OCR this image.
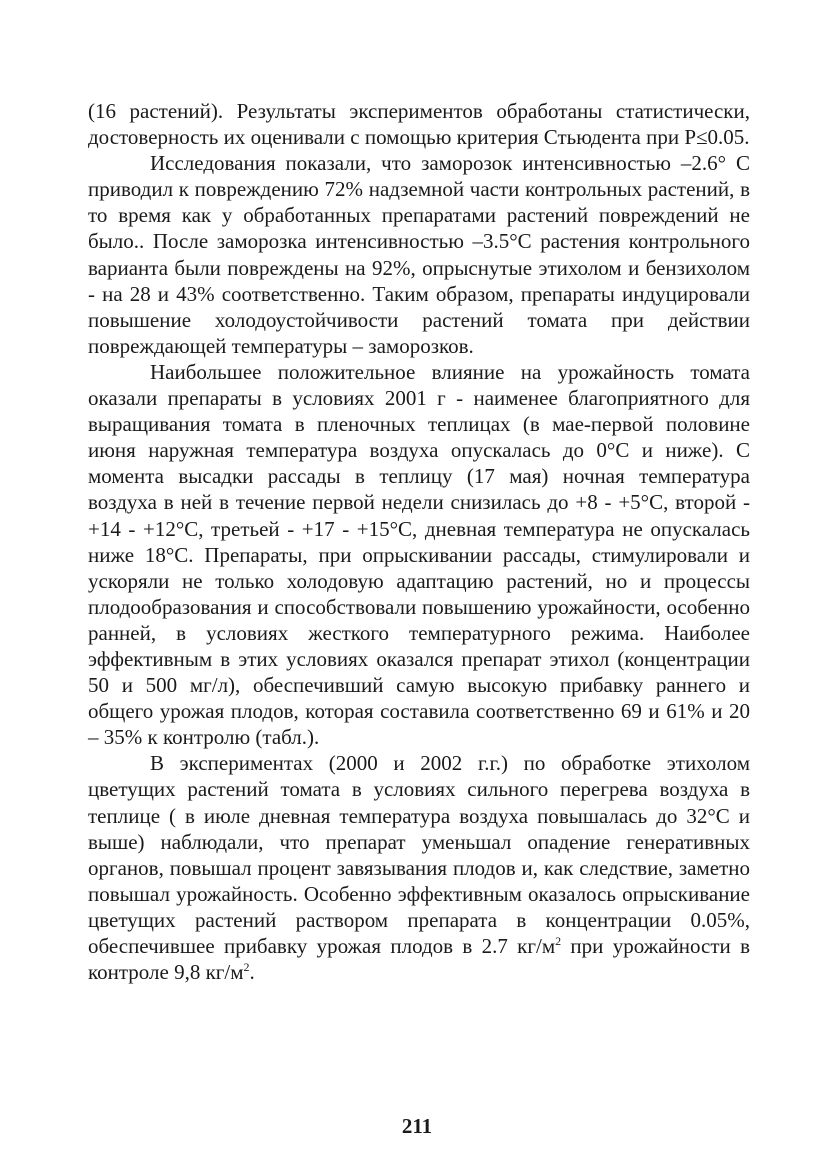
(16 растений). Результаты экспериментов обработаны статистически, достоверность их оценивали с помощью критерия Стьюдента при Р≤0.05.

Исследования показали, что заморозок интенсивностью –2.6° С приводил к повреждению 72% надземной части контрольных растений, в то время как у обработанных препаратами растений повреждений не было.. После заморозка интенсивностью –3.5°С растения контрольного варианта были повреждены на 92%, опрыснутые этихолом и бензихолом - на 28 и 43% соответственно. Таким образом, препараты индуцировали повышение холодоустойчивости растений томата при действии повреждающей температуры – заморозков.

Наибольшее положительное влияние на урожайность томата оказали препараты в условиях 2001 г - наименее благоприятного для выращивания томата в пленочных теплицах (в мае-первой половине июня наружная температура воздуха опускалась до 0°С и ниже). С момента высадки рассады в теплицу (17 мая) ночная температура воздуха в ней в течение первой недели снизилась до +8 - +5°С, второй - +14 - +12°С, третьей - +17 - +15°С, дневная температура не опускалась ниже 18°С. Препараты, при опрыскивании рассады, стимулировали и ускоряли не только холодовую адаптацию растений, но и процессы плодообразования и способствовали повышению урожайности, особенно ранней, в условиях жесткого температурного режима. Наиболее эффективным в этих условиях оказался препарат этихол (концентрации 50 и 500 мг/л), обеспечивший самую высокую прибавку раннего и общего урожая плодов, которая составила соответственно 69 и 61% и 20 – 35% к контролю (табл.).

В экспериментах (2000 и 2002 г.г.) по обработке этихолом цветущих растений томата в условиях сильного перегрева воздуха в теплице ( в июле дневная температура воздуха повышалась до 32°С и выше) наблюдали, что препарат уменьшал опадение генеративных органов, повышал процент завязывания плодов и, как следствие, заметно повышал урожайность. Особенно эффективным оказалось опрыскивание цветущих растений раствором препарата в концентрации 0.05%, обеспечившее прибавку урожая плодов в 2.7 $кг/м^2$ при урожайности в контроле 9,8 $кг/м^2$.

211
